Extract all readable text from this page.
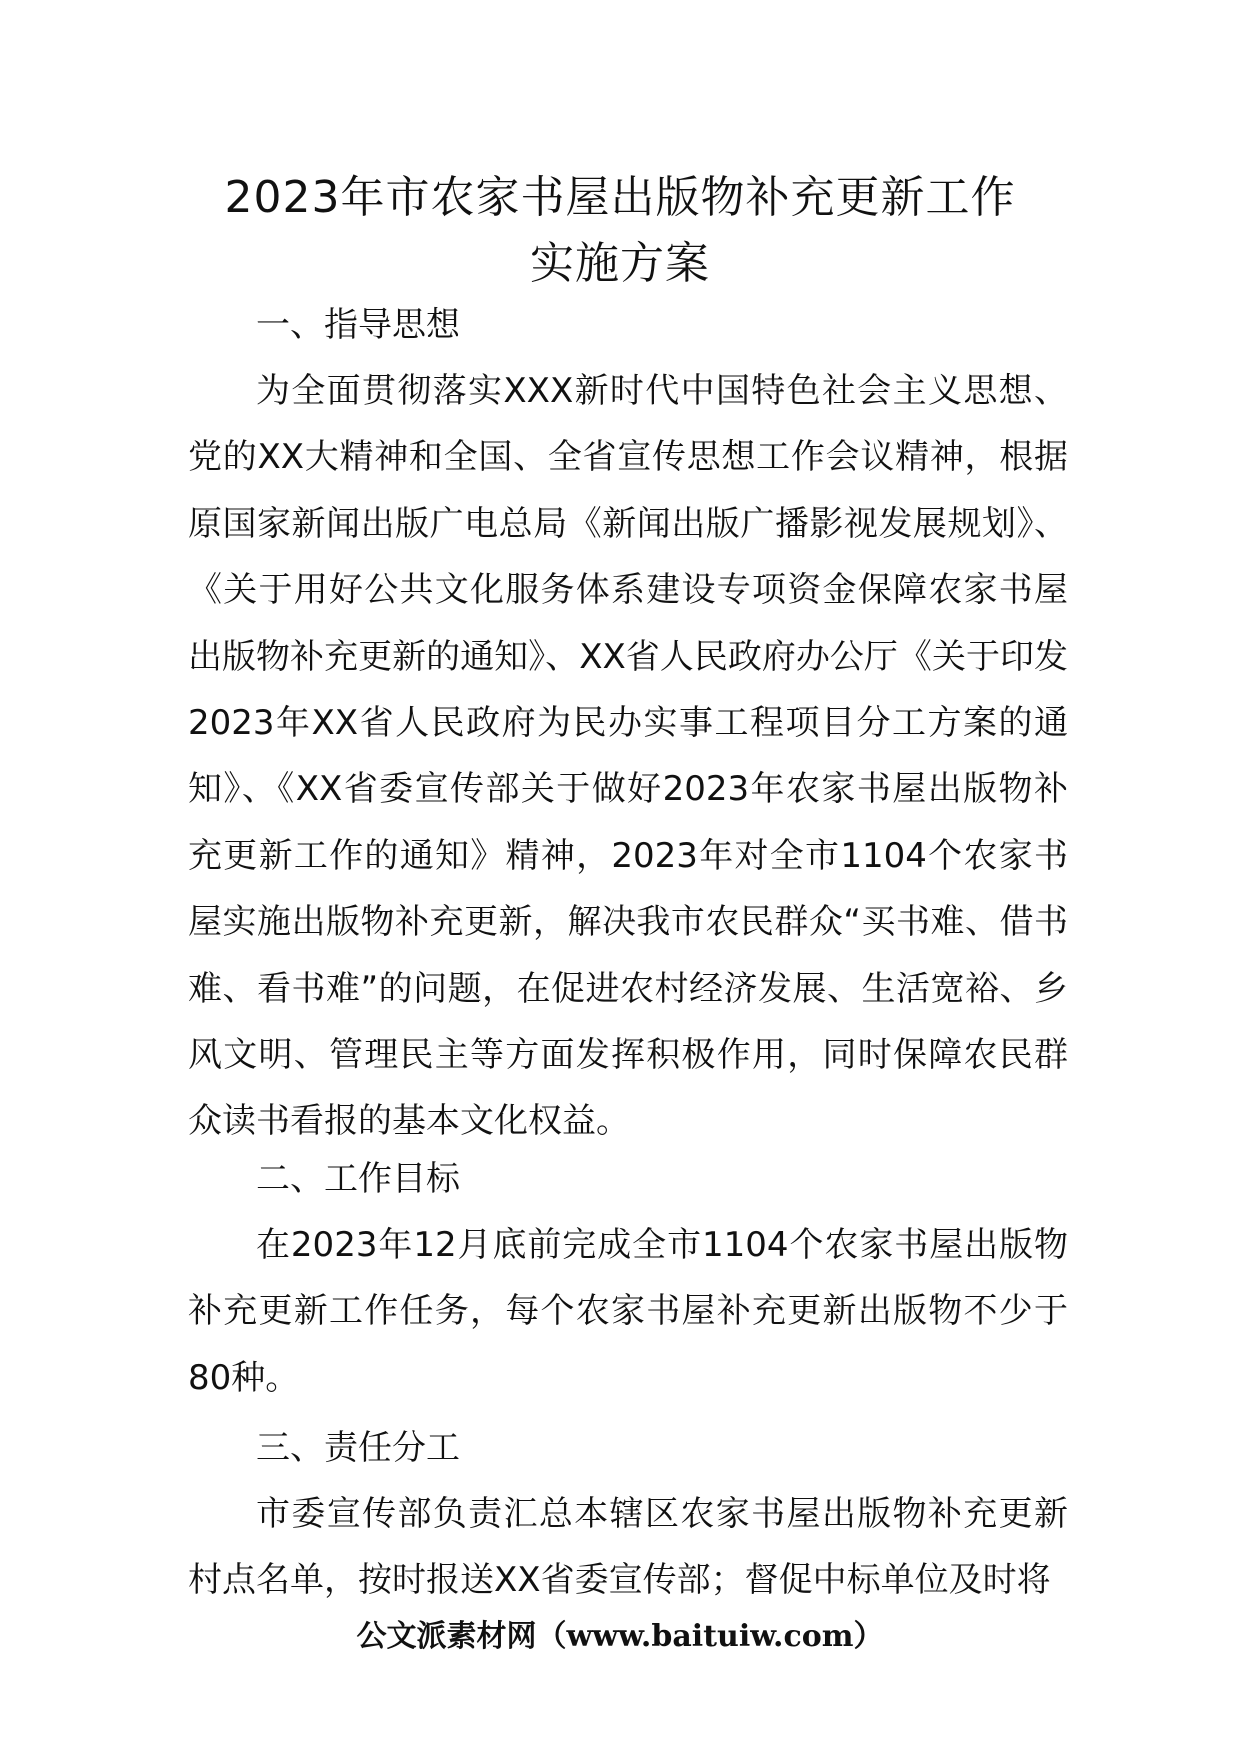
2023年市农家书屋出版物补充更新工作
实施方案
一、指导思想

为全面贯彻落实XXX新时代中国特色社会主义思想、党的XX大精神和全国、全省宣传思想工作会议精神，根据原国家新闻出版广电总局《新闻出版广播影视发展规划》、《关于用好公共文化服务体系建设专项资金保障农家书屋出版物补充更新的通知》、XX省人民政府办公厅《关于印发2023年XX省人民政府为民办实事工程项目分工方案的通知》、《XX省委宣传部关于做好2023年农家书屋出版物补充更新工作的通知》精神，2023年对全市1104个农家书屋实施出版物补充更新，解决我市农民群众“买书难、借书难、看书难”的问题，在促进农村经济发展、生活宽裕、乡风文明、管理民主等方面发挥积极作用，同时保障农民群众读书看报的基本文化权益。

二、工作目标

在2023年12月底前完成全市1104个农家书屋出版物补充更新工作任务，每个农家书屋补充更新出版物不少于80种。

三、责任分工

市委宣传部负责汇总本辖区农家书屋出版物补充更新村点名单，按时报送XX省委宣传部；督促中标单位及时将

公文派素材网（www.baituiw.com）
